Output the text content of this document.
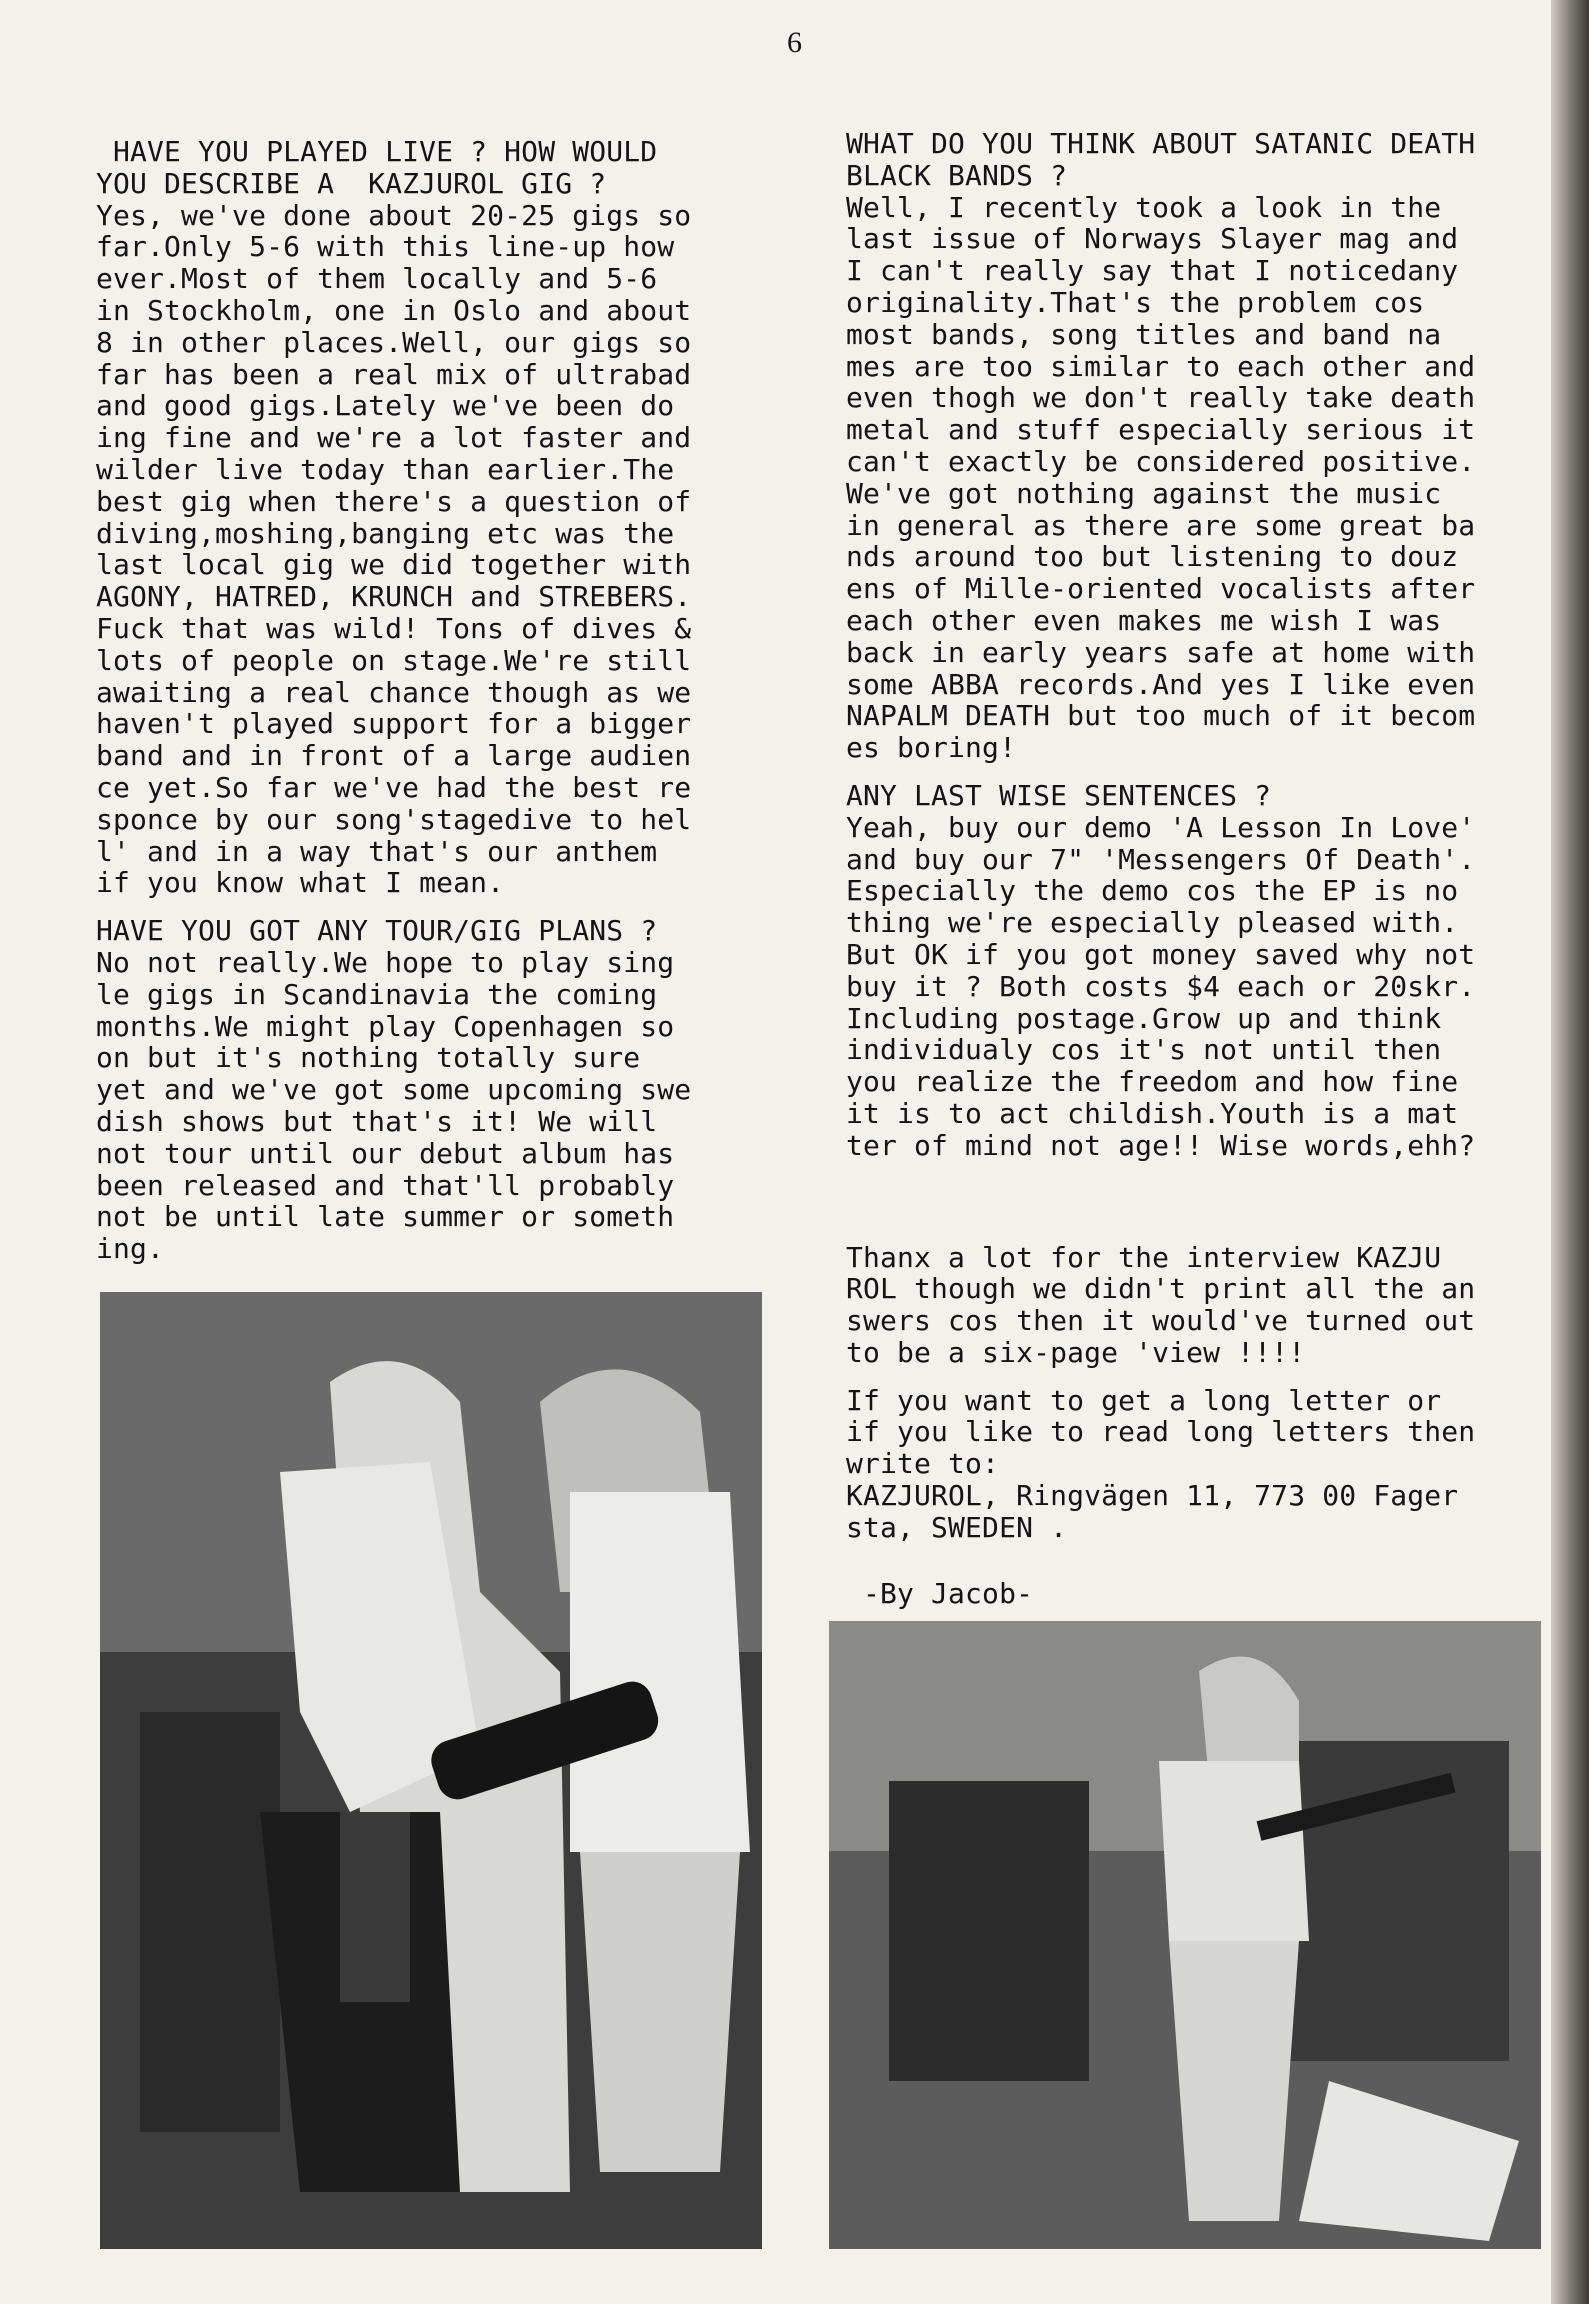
6
HAVE YOU PLAYED LIVE ? HOW WOULD
YOU DESCRIBE A  KAZJUROL GIG ?
Yes, we've done about 20-25 gigs so
far.Only 5-6 with this line-up how
ever.Most of them locally and 5-6
in Stockholm, one in Oslo and about
8 in other places.Well, our gigs so
far has been a real mix of ultrabad
and good gigs.Lately we've been do
ing fine and we're a lot faster and
wilder live today than earlier.The
best gig when there's a question of
diving,moshing,banging etc was the
last local gig we did together with
AGONY, HATRED, KRUNCH and STREBERS.
Fuck that was wild! Tons of dives &
lots of people on stage.We're still
awaiting a real chance though as we
haven't played support for a bigger
band and in front of a large audien
ce yet.So far we've had the best re
sponce by our song'stagedive to hel
l' and in a way that's our anthem
if you know what I mean.
HAVE YOU GOT ANY TOUR/GIG PLANS ?
No not really.We hope to play sing
le gigs in Scandinavia the coming
months.We might play Copenhagen so
on but it's nothing totally sure
yet and we've got some upcoming swe
dish shows but that's it! We will
not tour until our debut album has
been released and that'll probably
not be until late summer or someth
ing.
WHAT DO YOU THINK ABOUT SATANIC DEATH
BLACK BANDS ?
Well, I recently took a look in the
last issue of Norways Slayer mag and
I can't really say that I noticedany
originality.That's the problem cos
most bands, song titles and band na
mes are too similar to each other and
even thogh we don't really take death
metal and stuff especially serious it
can't exactly be considered positive.
We've got nothing against the music
in general as there are some great ba
nds around too but listening to douz
ens of Mille-oriented vocalists after
each other even makes me wish I was
back in early years safe at home with
some ABBA records.And yes I like even
NAPALM DEATH but too much of it becom
es boring!
ANY LAST WISE SENTENCES ?
Yeah, buy our demo 'A Lesson In Love'
and buy our 7" 'Messengers Of Death'.
Especially the demo cos the EP is no
thing we're especially pleased with.
But OK if you got money saved why not
buy it ? Both costs $4 each or 20skr.
Including postage.Grow up and think
individualy cos it's not until then
you realize the freedom and how fine
it is to act childish.Youth is a mat
ter of mind not age!! Wise words,ehh?
Thanx a lot for the interview KAZJU
ROL though we didn't print all the an
swers cos then it would've turned out
to be a six-page 'view !!!!
If you want to get a long letter or
if you like to read long letters then
write to:
KAZJUROL, Ringvägen 11, 773 00 Fager
sta, SWEDEN .
-By Jacob-
